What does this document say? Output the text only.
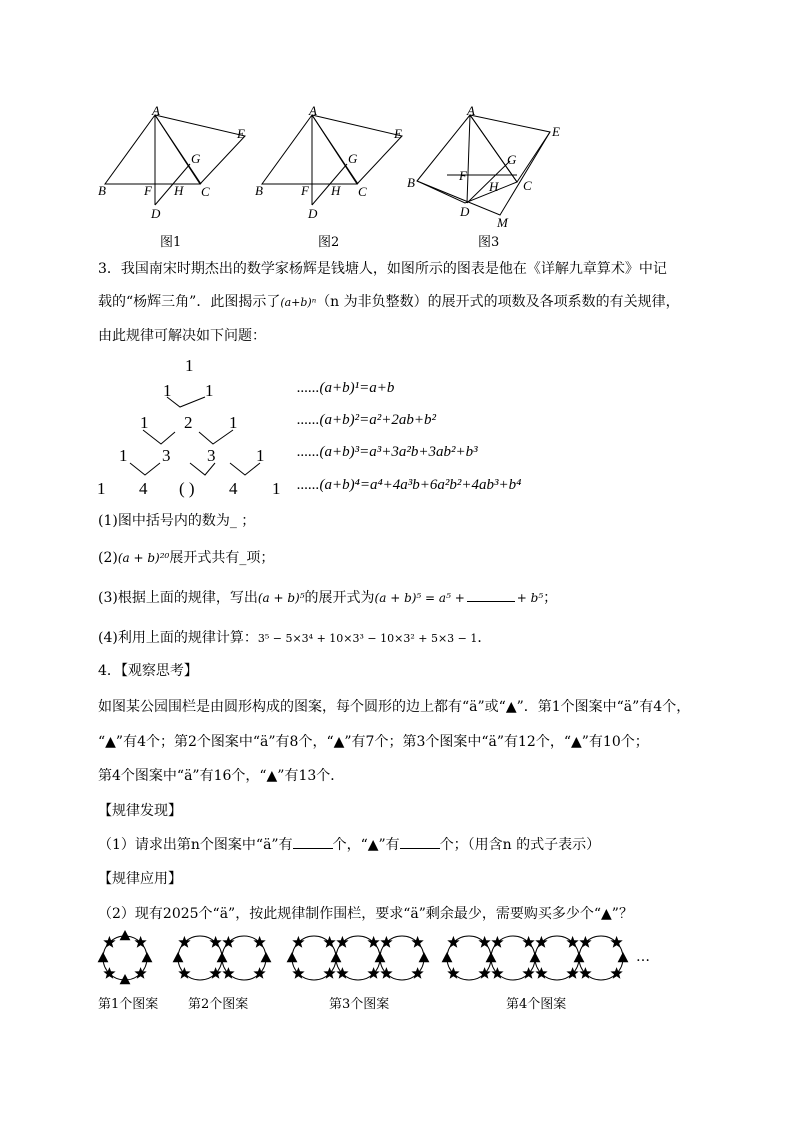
A
E
G
B	F H C
D
A
E
G
B	F H C
D
A
E
G
B	F
H C
D
M
图1	图2	图3
3．我国南宋时期杰出的数学家杨辉是钱塘人，如图所示的图表是他在《详解九章算术》中记
载的“杨辉三角”．此图揭示了(a+b)ⁿ（n 为非负整数）的展开式的项数及各项系数的有关规律，
由此规律可解决如下问题：
1
1 1
1 2 1
1 3 3 1
1 4 ( ) 4 1
......(a+b)¹=a+b
......(a+b)²=a²+2ab+b²
......(a+b)³=a³+3a²b+3ab²+b³
......(a+b)⁴=a⁴+4a³b+6a²b²+4ab³+b⁴
(1)图中括号内的数为_ ；
(2)(a + b)²⁰展开式共有_项；
(3)根据上面的规律，写出(a + b)⁵的展开式为(a + b)⁵ = a⁵ +	+ b⁵；
(4)利用上面的规律计算：3⁵ − 5×3⁴ + 10×3³ − 10×3² + 5×3 − 1．
4．【观察思考】
如图某公园围栏是由圆形构成的图案，每个圆形的边上都有“ä”或“▲”．第1个图案中“ä”有4个，
“▲”有4个；第2个图案中“ä”有8个，“▲”有7个；第3个图案中“ä”有12个，“▲”有10个；
第4个图案中“ä”有16个，“▲”有13个．
【规律发现】
（1）请求出第n个图案中“ä”有	个，“▲”有	个；（用含n 的式子表示）
【规律应用】
（2）现有2025个“ä”，按此规律制作围栏，要求“ä”剩余最少，需要购买多少个“▲”？
…
第1个图案 第2个图案	第3个图案	第4个图案
